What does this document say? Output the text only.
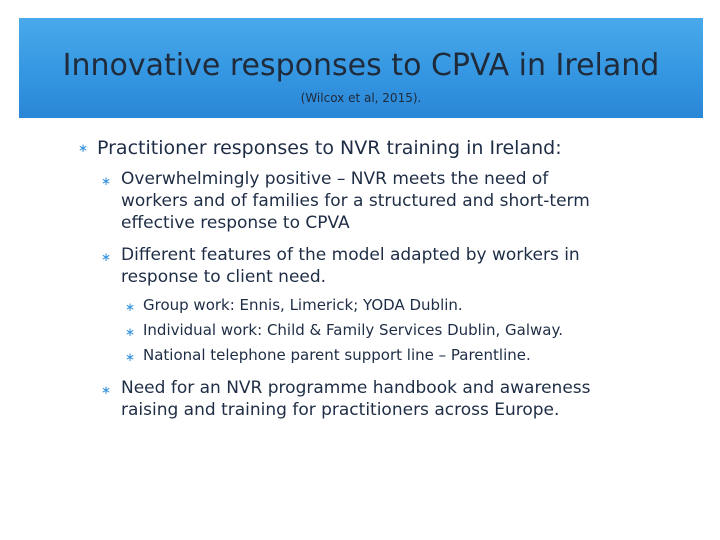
Innovative responses to CPVA in Ireland
(Wilcox et al, 2015).
∗ Practitioner responses to NVR training in Ireland:
∗ Overwhelmingly positive – NVR meets the need of
workers and of families for a structured and short-term
effective response to CPVA
∗ Different features of the model adapted by workers in
response to client need.
∗ Group work: Ennis, Limerick; YODA Dublin.
∗ Individual work: Child & Family Services Dublin, Galway.
∗ National telephone parent support line – Parentline.
∗ Need for an NVR programme handbook and awareness
raising and training for practitioners across Europe.
